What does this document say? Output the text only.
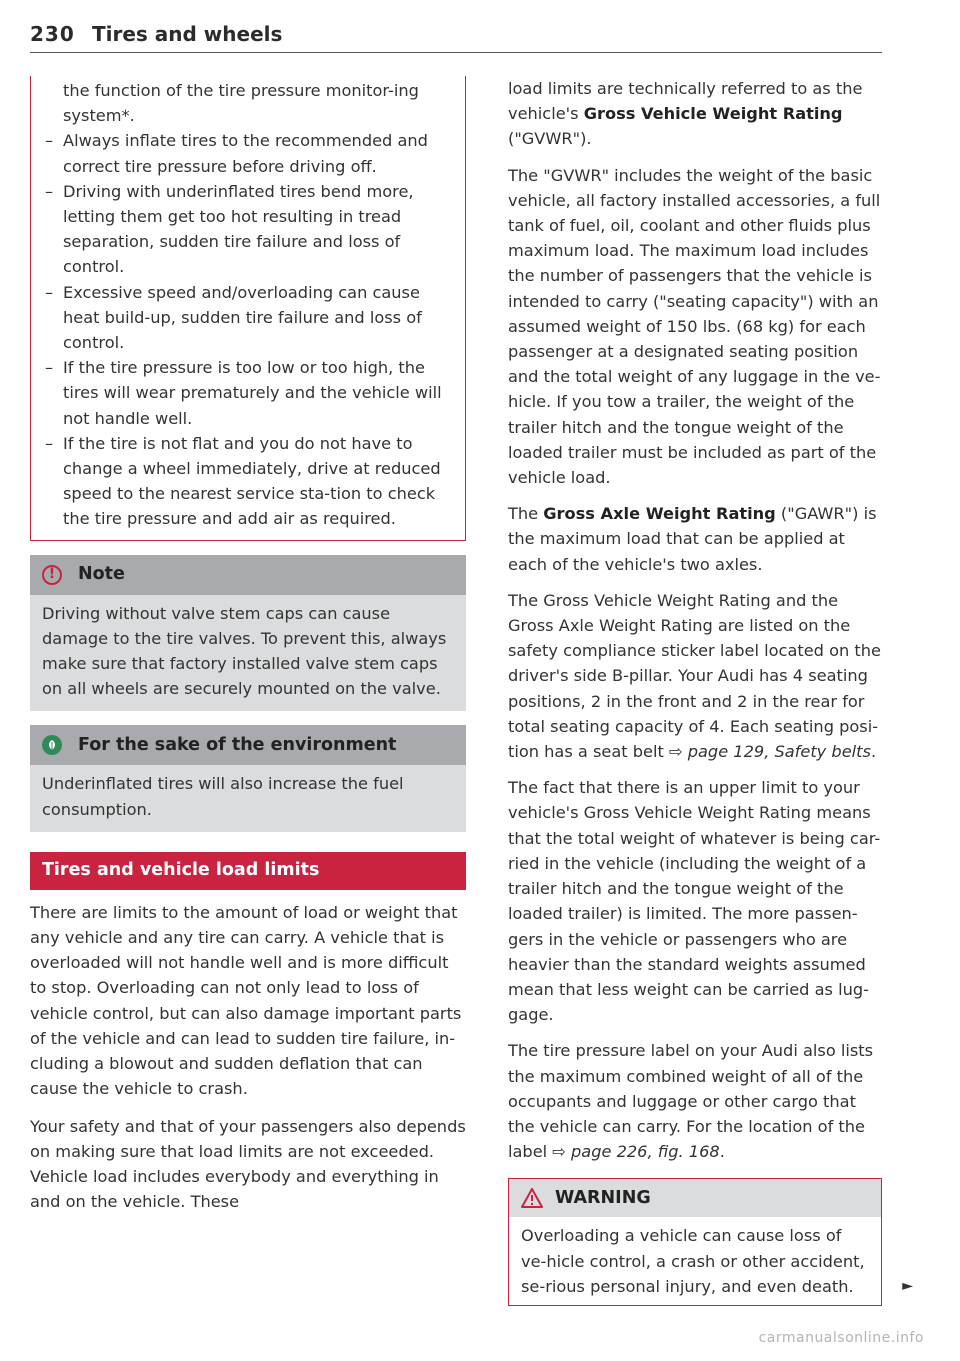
230 Tires and wheels

the function of the tire pressure monitor-ing system*.

– Always inflate tires to the recommended and correct tire pressure before driving off.

– Driving with underinflated tires bend more, letting them get too hot resulting in tread separation, sudden tire failure and loss of control.

– Excessive speed and/overloading can cause heat build-up, sudden tire failure and loss of control.

– If the tire pressure is too low or too high, the tires will wear prematurely and the vehicle will not handle well.

– If the tire is not flat and you do not have to change a wheel immediately, drive at reduced speed to the nearest service sta-tion to check the tire pressure and add air as required.

!	Note

Driving without valve stem caps can cause damage to the tire valves. To prevent this, always make sure that factory installed valve stem caps on all wheels are securely mounted on the valve.

For the sake of the environment

Underinflated tires will also increase the fuel consumption.

Tires and vehicle load limits

There are limits to the amount of load or weight that any vehicle and any tire can carry. A vehicle that is overloaded will not handle well and is more difficult to stop. Overloading can not only lead to loss of vehicle control, but can also damage important parts of the vehicle and can lead to sudden tire failure, in-cluding a blowout and sudden deflation that can cause the vehicle to crash.

Your safety and that of your passengers also depends on making sure that load limits are not exceeded. Vehicle load includes everybody and everything in and on the vehicle. These

load limits are technically referred to as the vehicle's Gross Vehicle Weight Rating ("GVWR").

The "GVWR" includes the weight of the basic vehicle, all factory installed accessories, a full tank of fuel, oil, coolant and other fluids plus maximum load. The maximum load includes the number of passengers that the vehicle is intended to carry ("seating capacity") with an assumed weight of 150 lbs. (68 kg) for each passenger at a designated seating position and the total weight of any luggage in the ve-hicle. If you tow a trailer, the weight of the trailer hitch and the tongue weight of the loaded trailer must be included as part of the vehicle load.

The Gross Axle Weight Rating ("GAWR") is the maximum load that can be applied at each of the vehicle's two axles.

The Gross Vehicle Weight Rating and the Gross Axle Weight Rating are listed on the safety compliance sticker label located on the driver's side B-pillar. Your Audi has 4 seating positions, 2 in the front and 2 in the rear for total seating capacity of 4. Each seating posi-tion has a seat belt ⇨ page 129, Safety belts.

The fact that there is an upper limit to your vehicle's Gross Vehicle Weight Rating means that the total weight of whatever is being car-ried in the vehicle (including the weight of a trailer hitch and the tongue weight of the loaded trailer) is limited. The more passen-gers in the vehicle or passengers who are heavier than the standard weights assumed mean that less weight can be carried as lug-gage.

The tire pressure label on your Audi also lists the maximum combined weight of all of the occupants and luggage or other cargo that the vehicle can carry. For the location of the label ⇨ page 226, fig. 168.

WARNING

Overloading a vehicle can cause loss of ve-hicle control, a crash or other accident, se-rious personal injury, and even death.	►
carmanualsonline.info
